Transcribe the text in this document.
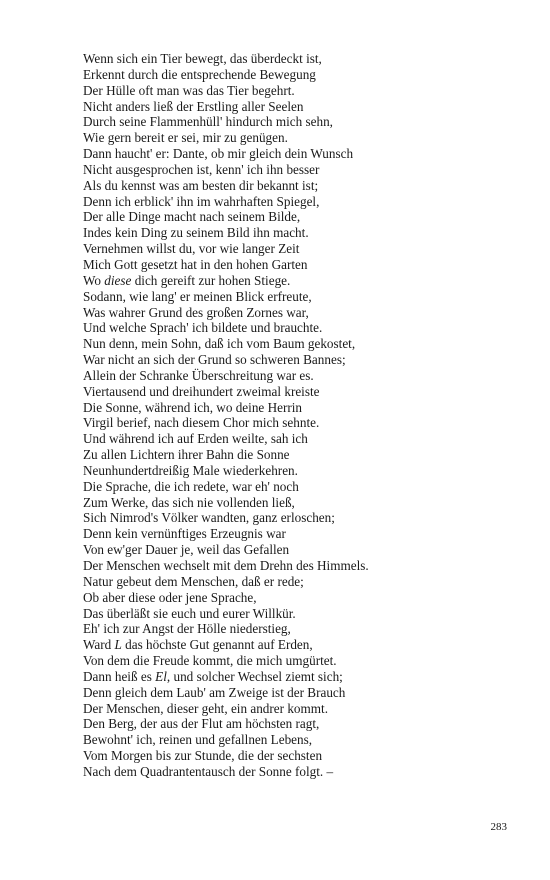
Wenn sich ein Tier bewegt, das überdeckt ist,
Erkennt durch die entsprechende Bewegung
Der Hülle oft man was das Tier begehrt.
Nicht anders ließ der Erstling aller Seelen
Durch seine Flammenhüll' hindurch mich sehn,
Wie gern bereit er sei, mir zu genügen.
Dann haucht' er: Dante, ob mir gleich dein Wunsch
Nicht ausgesprochen ist, kenn' ich ihn besser
Als du kennst was am besten dir bekannt ist;
Denn ich erblick' ihn im wahrhaften Spiegel,
Der alle Dinge macht nach seinem Bilde,
Indes kein Ding zu seinem Bild ihn macht.
Vernehmen willst du, vor wie langer Zeit
Mich Gott gesetzt hat in den hohen Garten
Wo diese dich gereift zur hohen Stiege.
Sodann, wie lang' er meinen Blick erfreute,
Was wahrer Grund des großen Zornes war,
Und welche Sprach' ich bildete und brauchte.
Nun denn, mein Sohn, daß ich vom Baum gekostet,
War nicht an sich der Grund so schweren Bannes;
Allein der Schranke Überschreitung war es.
Viertausend und dreihundert zweimal kreiste
Die Sonne, während ich, wo deine Herrin
Virgil berief, nach diesem Chor mich sehnte.
Und während ich auf Erden weilte, sah ich
Zu allen Lichtern ihrer Bahn die Sonne
Neunhundertdreißig Male wiederkehren.
Die Sprache, die ich redete, war eh' noch
Zum Werke, das sich nie vollenden ließ,
Sich Nimrod's Völker wandten, ganz erloschen;
Denn kein vernünftiges Erzeugnis war
Von ew'ger Dauer je, weil das Gefallen
Der Menschen wechselt mit dem Drehn des Himmels.
Natur gebeut dem Menschen, daß er rede;
Ob aber diese oder jene Sprache,
Das überläßt sie euch und eurer Willkür.
Eh' ich zur Angst der Hölle niederstieg,
Ward L das höchste Gut genannt auf Erden,
Von dem die Freude kommt, die mich umgürtet.
Dann heiß es El, und solcher Wechsel ziemt sich;
Denn gleich dem Laub' am Zweige ist der Brauch
Der Menschen, dieser geht, ein andrer kommt.
Den Berg, der aus der Flut am höchsten ragt,
Bewohnt' ich, reinen und gefallnen Lebens,
Vom Morgen bis zur Stunde, die der sechsten
Nach dem Quadrantentausch der Sonne folgt. –
283
